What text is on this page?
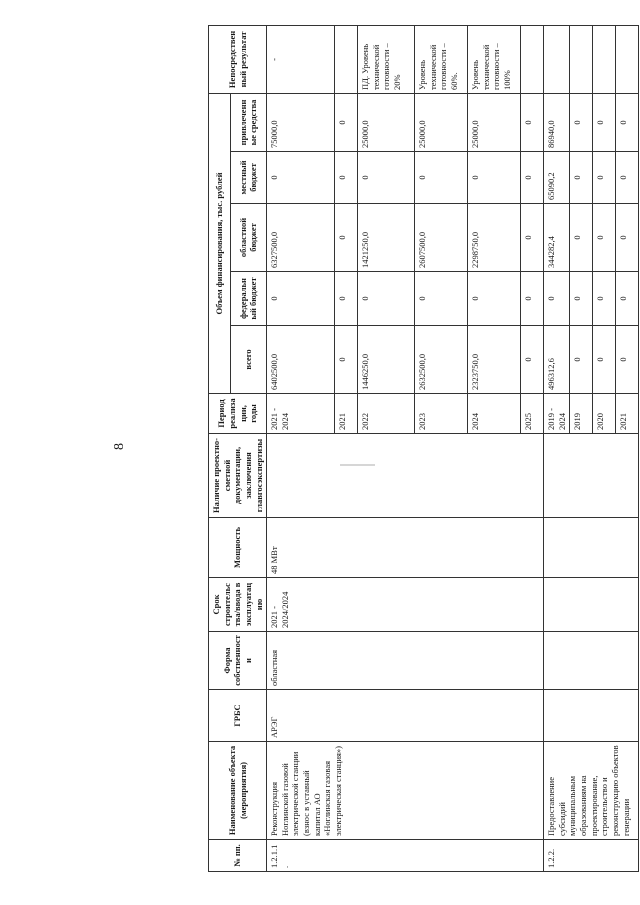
8
№ пп.	Наименование объекта (мероприятия)	ГРБС	Форма собственности	Срок строительства/ввода в эксплуатацию	Мощность	Наличие проектно-сметной документации, заключения главгосэкспертизы	Период реализации, годы	Объем финансирования, тыс. рублей					Непосредственный результат
								всего	федеральный бюджет	областной бюджет	местный бюджет	привлеченные средства	
1.2.1.1.	Реконструкция Ноглинской газовой электрической станции (взнос в уставный капитал АО «Ноглинская газовая электрическая станция»)	АРЭГ	областная	2021 - 2024/2024	48 МВт		2021 - 2024	6402500,0	0	6327500,0	0	75000,0	-
							2021	0	0	0	0	0	
							2022	1446250,0	0	1421250,0	0	25000,0	ПД. Уровень технической готовности – 20%
							2023	2632500,0	0	2607500,0	0	25000,0	Уровень технической готовности – 60%.
							2024	2323750,0	0	2298750,0	0	25000,0	Уровень технической готовности – 100%
							2025	0	0	0	0	0	
1.2.2.	Предоставление субсидий муниципальным образованиям на проектирование, строительство и реконструкцию объектов генерации						2019 - 2024	496312,6	0	344282,4	65090,2	86940,0	
							2019	0	0	0	0	0	
							2020	0	0	0	0	0	
							2021	0	0	0	0	0	
